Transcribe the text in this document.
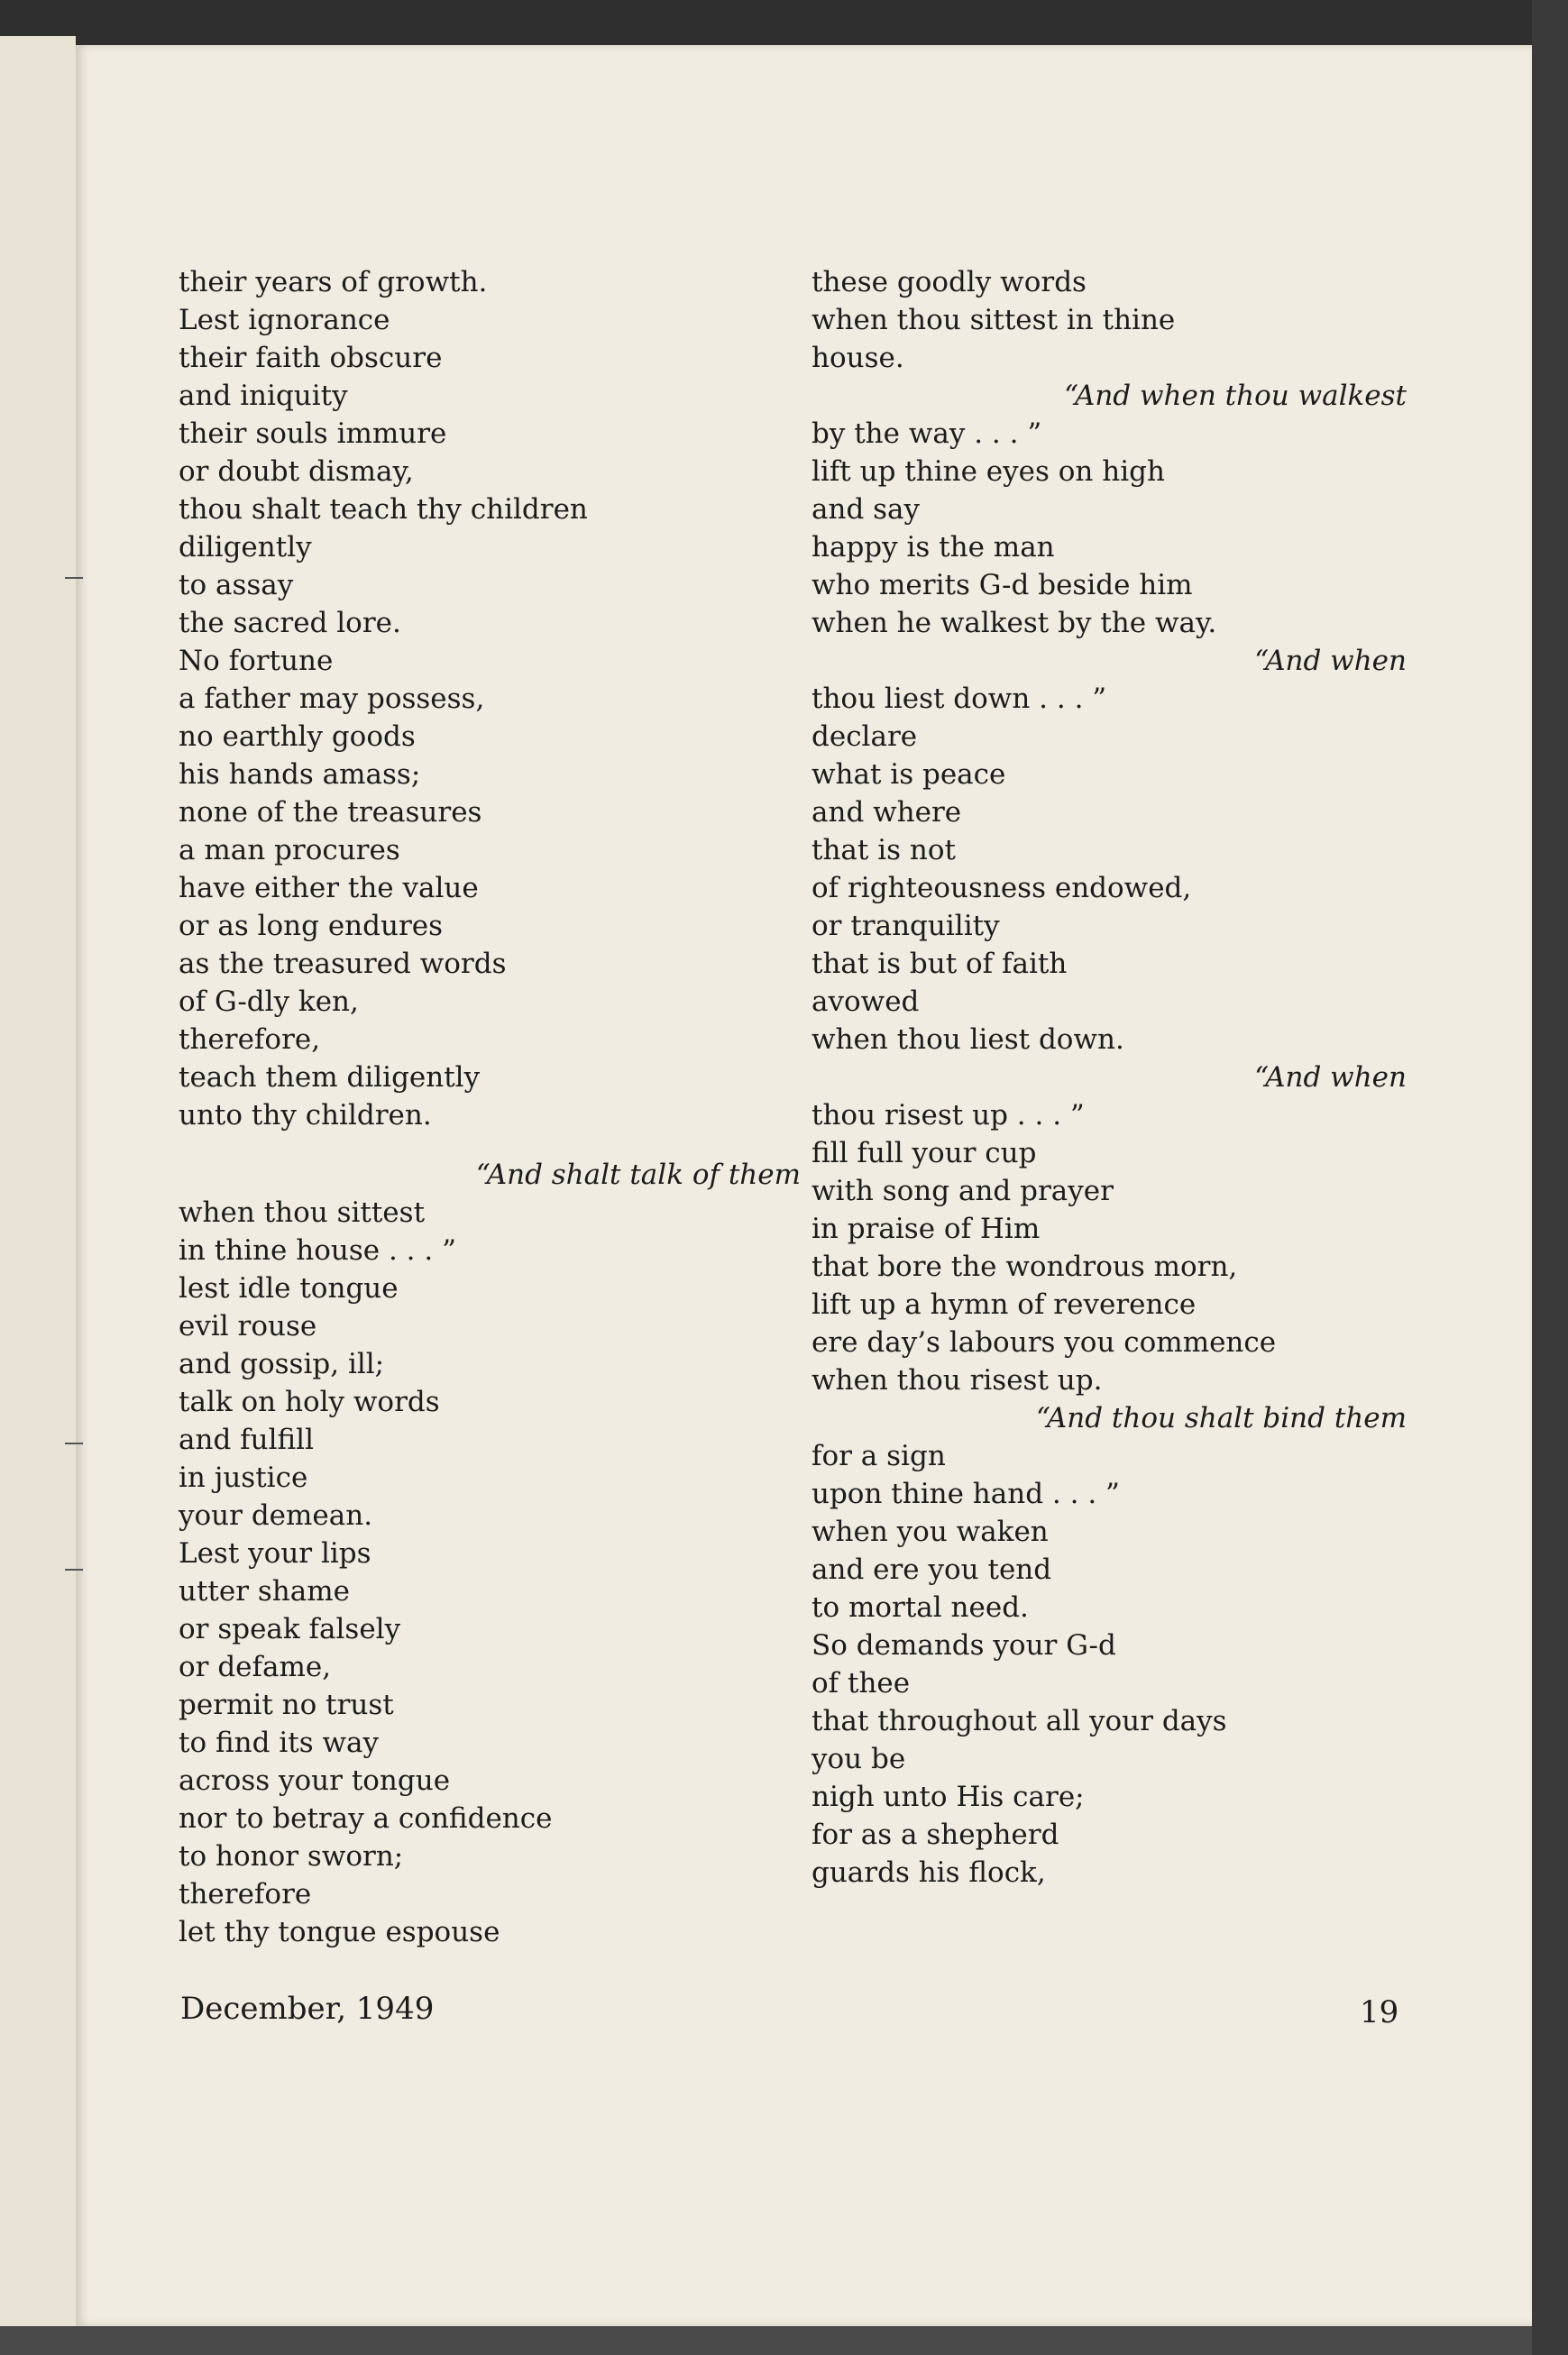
their years of growth.
Lest ignorance
their faith obscure
and iniquity
their souls immure
or doubt dismay,
thou shalt teach thy children
diligently
to assay
the sacred lore.
No fortune
a father may possess,
no earthly goods
his hands amass;
none of the treasures
a man procures
have either the value
or as long endures
as the treasured words
of G-dly ken,
therefore,
teach them diligently
unto thy children.
“And shalt talk of them
when thou sittest
in thine house . . . ”
lest idle tongue
evil rouse
and gossip, ill;
talk on holy words
and fulfill
in justice
your demean.
Lest your lips
utter shame
or speak falsely
or defame,
permit no trust
to find its way
across your tongue
nor to betray a confidence
to honor sworn;
therefore
let thy tongue espouse
these goodly words
when thou sittest in thine
house.
“And when thou walkest
by the way . . . ”
lift up thine eyes on high
and say
happy is the man
who merits G-d beside him
when he walkest by the way.
“And when
thou liest down . . . ”
declare
what is peace
and where
that is not
of righteousness endowed,
or tranquility
that is but of faith
avowed
when thou liest down.
“And when
thou risest up . . . ”
fill full your cup
with song and prayer
in praise of Him
that bore the wondrous morn,
lift up a hymn of reverence
ere day’s labours you commence
when thou risest up.
“And thou shalt bind them
for a sign
upon thine hand . . . ”
when you waken
and ere you tend
to mortal need.
So demands your G-d
of thee
that throughout all your days
you be
nigh unto His care;
for as a shepherd
guards his flock,
December, 1949	19
